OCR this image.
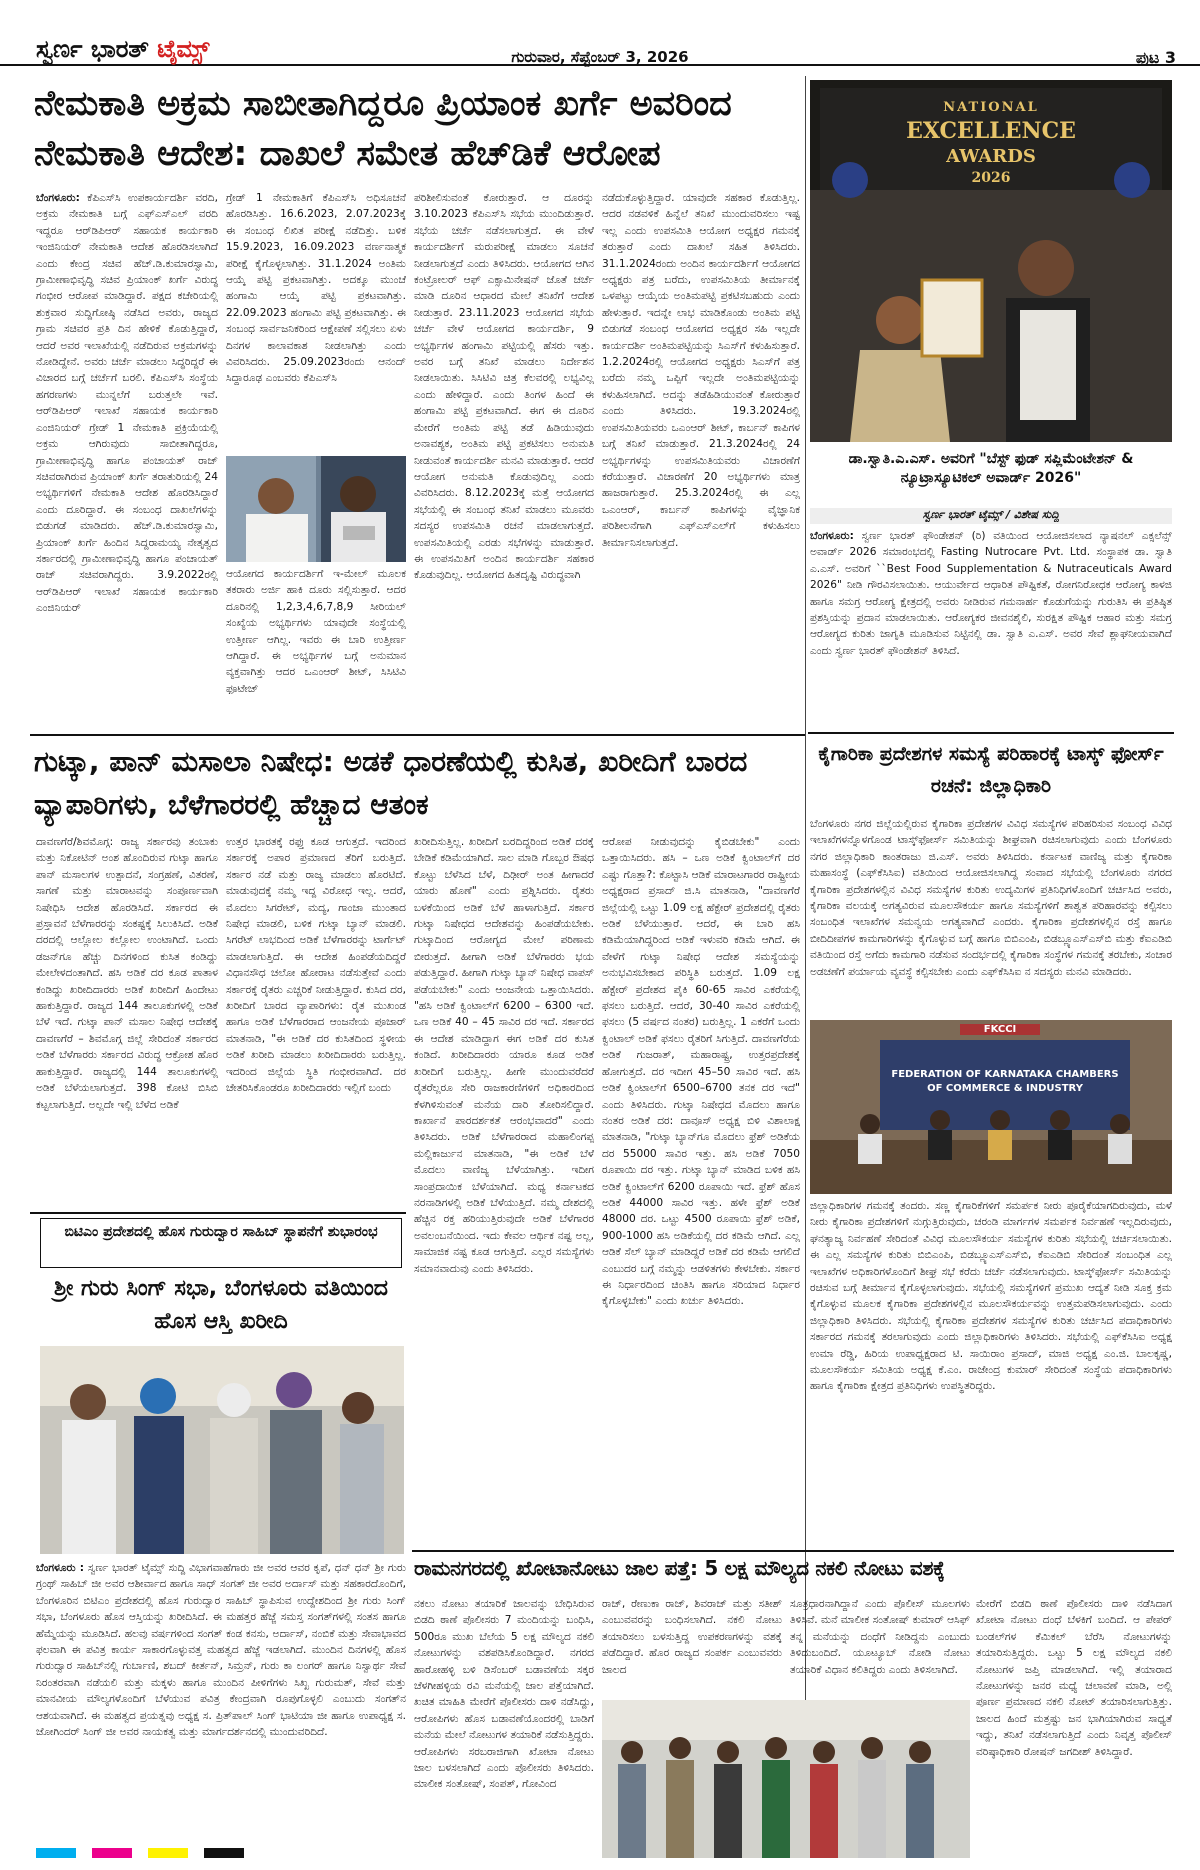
ಸ್ವರ್ಣ ಭಾರತ್ ಟೈಮ್ಸ್	ಗುರುವಾರ, ಸೆಪ್ಟೆಂಬರ್ 3, 2026	ಪುಟ 3
ನೇಮಕಾತಿ ಅಕ್ರಮ ಸಾಬೀತಾಗಿದ್ದರೂ ಪ್ರಿಯಾಂಕ ಖರ್ಗೆ ಅವರಿಂದ ನೇಮಕಾತಿ ಆದೇಶ: ದಾಖಲೆ ಸಮೇತ ಹೆಚ್‌ಡಿಕೆ ಆರೋಪ
ಬೆಂಗಳೂರು: ಕೆಪಿಎಸ್‌ಸಿ ಉಪಕಾರ್ಯದರ್ಶಿ ವರದಿ, ಅಕ್ರಮ ನೇಮಕಾತಿ ಬಗ್ಗೆ ಎಫ್‌ಎಸ್‌ಎಲ್ ವರದಿ ಇದ್ದರೂ ಆರ್‌ಡಿಪಿಆರ್ ಸಹಾಯಕ ಕಾರ್ಯಕಾರಿ ಇಂಜಿನಿಯರ್ ನೇಮಕಾತಿ ಆದೇಶ ಹೊರಡಿಸಲಾಗಿದೆ ಎಂದು ಕೇಂದ್ರ ಸಚಿವ ಹೆಚ್.ಡಿ.ಕುಮಾರಸ್ವಾಮಿ, ಗ್ರಾಮೀಣಾಭಿವೃದ್ಧಿ ಸಚಿವ ಪ್ರಿಯಾಂಕ್ ಖರ್ಗೆ ವಿರುದ್ಧ ಗಂಭೀರ ಆರೋಪ ಮಾಡಿದ್ದಾರೆ. ಪಕ್ಷದ ಕಚೇರಿಯಲ್ಲಿ ಶುಕ್ರವಾರ ಸುದ್ದಿಗೋಷ್ಠಿ ನಡೆಸಿದ ಅವರು, ರಾಜ್ಯದ ಗ್ರಾಮ ಸಚಿವರ ಪ್ರತಿ ದಿನ ಹೇಳಿಕೆ ಕೊಡುತ್ತಿದ್ದಾರೆ, ಆದರೆ ಅವರ ಇಲಾಖೆಯಲ್ಲಿ ನಡೆದಿರುವ ಅಕ್ರಮಗಳನ್ನು ನೋಡಿದ್ದೇನೆ. ಅವರು ಚರ್ಚೆ ಮಾಡಲು ಸಿದ್ಧರಿದ್ದರೆ ಈ ವಿಚಾರದ ಬಗ್ಗೆ ಚರ್ಚೆಗೆ ಬರಲಿ. ಕೆಪಿಎಸ್‌ಸಿ ಸಂಸ್ಥೆಯ ಹಗರಣಗಳು ಮುನ್ನಲೆಗೆ ಬರುತ್ತಲೇ ಇವೆ. ಆರ್‌ಡಿಪಿಆರ್ ಇಲಾಖೆ ಸಹಾಯಕ ಕಾರ್ಯಕಾರಿ ಎಂಜಿನಿಯರ್ ಗ್ರೇಡ್ 1 ನೇಮಕಾತಿ ಪ್ರಕ್ರಿಯೆಯಲ್ಲಿ ಅಕ್ರಮ ಆಗಿರುವುದು ಸಾಬೀತಾಗಿದ್ದರೂ, ಗ್ರಾಮೀಣಾಭಿವೃದ್ಧಿ ಹಾಗೂ ಪಂಚಾಯತ್ ರಾಜ್ ಸಚಿವರಾಗಿರುವ ಪ್ರಿಯಾಂಕ್ ಖರ್ಗೆ ತರಾತುರಿಯಲ್ಲಿ 24 ಅಭ್ಯರ್ಥಿಗಳಿಗೆ ನೇಮಕಾತಿ ಆದೇಶ ಹೊರಡಿಸಿದ್ದಾರೆ ಎಂದು ದೂರಿದ್ದಾರೆ. ಈ ಸಂಬಂಧ ದಾಖಲೆಗಳನ್ನು ಬಿಡುಗಡೆ ಮಾಡಿದರು. ಹೆಚ್.ಡಿ.ಕುಮಾರಸ್ವಾಮಿ, ಪ್ರಿಯಾಂಕ್ ಖರ್ಗೆ ಹಿಂದಿನ ಸಿದ್ದರಾಮಯ್ಯ ನೇತೃತ್ವದ ಸರ್ಕಾರದಲ್ಲಿ ಗ್ರಾಮೀಣಾಭಿವೃದ್ಧಿ ಹಾಗೂ ಪಂಚಾಯತ್ ರಾಜ್ ಸಚಿವರಾಗಿದ್ದರು. 3.9.2022ರಲ್ಲಿ ಆರ್‌ಡಿಪಿಆರ್ ಇಲಾಖೆ ಸಹಾಯಕ ಕಾರ್ಯಕಾರಿ ಎಂಜಿನಿಯರ್
ಗ್ರೇಡ್ 1 ನೇಮಕಾತಿಗೆ ಕೆಪಿಎಸ್‌ಸಿ ಅಧಿಸೂಚನೆ ಹೊರಡಿಸಿತ್ತು. 16.6.2023, 2.07.2023ಕ್ಕೆ ಈ ಸಂಬಂಧ ಲಿಖಿತ ಪರೀಕ್ಷೆ ನಡೆದಿತ್ತು. ಬಳಿಕ 15.9.2023, 16.09.2023 ವರ್ಣನಾತ್ಮಕ ಪರೀಕ್ಷೆ ಕೈಗೊಳ್ಳಲಾಗಿತ್ತು. 31.1.2024 ಅಂತಿಮ ಆಯ್ಕೆ ಪಟ್ಟಿ ಪ್ರಕಟವಾಗಿತ್ತು. ಅದಕ್ಕೂ ಮುಂಚೆ ಹಂಗಾಮಿ ಆಯ್ಕೆ ಪಟ್ಟಿ ಪ್ರಕಟವಾಗಿತ್ತು. 22.09.2023 ಹಂಗಾಮಿ ಪಟ್ಟಿ ಪ್ರಕಟವಾಗಿತ್ತು. ಈ ಸಂಬಂಧ ಸಾರ್ವಜನಿಕರಿಂದ ಆಕ್ಷೇಪಣೆ ಸಲ್ಲಿಸಲು ಏಳು ದಿನಗಳ ಕಾಲಾವಕಾಶ ನೀಡಲಾಗಿತ್ತು ಎಂದು ವಿವರಿಸಿದರು. 25.09.2023ರಂದು ಆನಂದ್ ಸಿದ್ದಾರೂಢ ಎಂಬವರು ಕೆಪಿಎಸ್‌ಸಿ
ಆಯೋಗದ ಕಾರ್ಯದರ್ಶಿಗೆ ಇ-ಮೇಲ್ ಮೂಲಕ ತಕರಾರು ಅರ್ಜಿ ಹಾಕಿ ದೂರು ಸಲ್ಲಿಸುತ್ತಾರೆ. ಆದರ ದೂರಿನಲ್ಲಿ 1,2,3,4,6,7,8,9 ಸೀರಿಯಲ್ ಸಂಖ್ಯೆಯ ಅಭ್ಯರ್ಥಿಗಳು ಯಾವುದೇ ಸಂಸ್ಥೆಯಲ್ಲಿ ಉತ್ತೀರ್ಣ ಆಗಿಲ್ಲ. ಇವರು ಈ ಬಾರಿ ಉತ್ತೀರ್ಣ ಆಗಿದ್ದಾರೆ. ಈ ಅಭ್ಯರ್ಥಿಗಳ ಬಗ್ಗೆ ಅನುಮಾನ ವ್ಯಕ್ತವಾಗಿತ್ತು ಆದರ ಒಎಂಆರ್ ಶೀಟ್, ಸಿಸಿಟಿವಿ ಫೂಟೇಜ್
ಪರಿಶೀಲಿಸುವಂತೆ ಕೋರುತ್ತಾರೆ. ಆ ದೂರನ್ನು 3.10.2023 ಕೆಪಿಎಸ್‌ಸಿ ಸಭೆಯ ಮುಂದಿಡುತ್ತಾರೆ. ಸಭೆಯ ಚರ್ಚೆ ನಡೆಸಲಾಗುತ್ತದೆ. ಈ ವೇಳೆ ಕಾರ್ಯದರ್ಶಿಗೆ ಮರುಪರೀಕ್ಷೆ ಮಾಡಲು ಸೂಚನೆ ನೀಡಲಾಗುತ್ತದೆ ಎಂದು ತಿಳಿಸಿದರು. ಆಯೋಗದ ಆಗಿನ ಕಂಟ್ರೋಲರ್ ಆಫ್ ಎಕ್ಸಾಮಿನೇಷನ್ ಜೊತೆ ಚರ್ಚೆ ಮಾಡಿ ದೂರಿನ ಆಧಾರದ ಮೇಲೆ ತನಿಖೆಗೆ ಆದೇಶ ನೀಡುತ್ತಾರೆ. 23.11.2023 ಆಯೋಗದ ಸಭೆಯ ಚರ್ಚೆ ವೇಳೆ ಆಯೋಗದ ಕಾರ್ಯದರ್ಶಿ, 9 ಅಭ್ಯರ್ಥಿಗಳ ಹಂಗಾಮಿ ಪಟ್ಟಿಯಲ್ಲಿ ಹೆಸರು ಇತ್ತು. ಅವರ ಬಗ್ಗೆ ತನಿಖೆ ಮಾಡಲು ನಿರ್ದೇಶನ ನೀಡಲಾಯಿತು. ಸಿಸಿಟಿವಿ ಚಿತ್ರ ಕೆಲವರಲ್ಲಿ ಲಭ್ಯವಿಲ್ಲ ಎಂದು ಹೇಳಿದ್ದಾರೆ. ಎಂದು ತಿಂಗಳ ಹಿಂದೆ ಈ ಹಂಗಾಮಿ ಪಟ್ಟಿ ಪ್ರಕಟವಾಗಿದೆ. ಈಗ ಈ ದೂರಿನ ಮೇರೆಗೆ ಅಂತಿಮ ಪಟ್ಟಿ ತಡೆ ಹಿಡಿಯುವುದು ಅನಾವಶ್ಯಕ, ಅಂತಿಮ ಪಟ್ಟಿ ಪ್ರಕಟಿಸಲು ಅನುಮತಿ ನೀಡುವಂತೆ ಕಾರ್ಯದರ್ಶಿ ಮನವಿ ಮಾಡುತ್ತಾರೆ. ಆದರೆ ಆಯೋಗ ಅನುಮತಿ ಕೊಡುವುದಿಲ್ಲ ಎಂದು ವಿವರಿಸಿದರು. 8.12.2023ಕ್ಕೆ ಮತ್ತೆ ಆಯೋಗದ ಸಭೆಯಲ್ಲಿ ಈ ಸಂಬಂಧ ತನಿಖೆ ಮಾಡಲು ಮೂವರು ಸದಸ್ಯರ ಉಪಸಮಿತಿ ರಚನೆ ಮಾಡಲಾಗುತ್ತದೆ. ಉಪಸಮಿತಿಯಲ್ಲಿ ಎರಡು ಸಭೆಗಳನ್ನು ಮಾಡುತ್ತಾರೆ. ಈ ಉಪಸಮಿತಿಗೆ ಅಂದಿನ ಕಾರ್ಯದರ್ಶಿ ಸಹಕಾರ ಕೊಡುವುದಿಲ್ಲ. ಆಯೋಗದ ಹಿತದೃಷ್ಟಿ ವಿರುದ್ಧವಾಗಿ
ನಡೆದುಕೊಳ್ಳುತ್ತಿದ್ದಾರೆ. ಯಾವುದೇ ಸಹಕಾರ ಕೊಡುತ್ತಿಲ್ಲ. ಆದರ ನಡವಳಿಕೆ ಹಿನ್ನೆಲೆ ತನಿಖೆ ಮುಂದುವರಿಸಲು ಇಷ್ಟ ಇಲ್ಲ ಎಂದು ಉಪಸಮಿತಿ ಆಯೋಗ ಅಧ್ಯಕ್ಷರ ಗಮನಕ್ಕೆ ತರುತ್ತಾರೆ ಎಂದು ದಾಖಲೆ ಸಹಿತ ತಿಳಿಸಿದರು. 31.1.2024ರಂದು ಅಂದಿನ ಕಾರ್ಯದರ್ಶಿಗೆ ಆಯೋಗದ ಅಧ್ಯಕ್ಷರು ಪತ್ರ ಬರೆದು, ಉಪಸಮಿತಿಯ ತೀರ್ಮಾನಕ್ಕೆ ಒಳಪಟ್ಟು ಆಯ್ಕೆಯ ಅಂತಿಮಪಟ್ಟಿ ಪ್ರಕಟಿಸಬಹುದು ಎಂದು ಹೇಳುತ್ತಾರೆ. ಇದನ್ನೇ ಲಾಭ ಮಾಡಿಕೊಂಡು ಅಂತಿಮ ಪಟ್ಟಿ ಬಿಡುಗಡೆ ಸಂಬಂಧ ಆಯೋಗದ ಅಧ್ಯಕ್ಷರ ಸಹಿ ಇಲ್ಲದೇ ಕಾರ್ಯದರ್ಶಿ ಅಂತಿಮಪಟ್ಟಿಯನ್ನು ಸಿಎಸ್‌ಗೆ ಕಳುಹಿಸುತ್ತಾರೆ. 1.2.2024ರಲ್ಲಿ ಆಯೋಗದ ಅಧ್ಯಕ್ಷರು ಸಿಎಸ್‌ಗೆ ಪತ್ರ ಬರೆದು ನಮ್ಮ ಒಪ್ಪಿಗೆ ಇಲ್ಲದೇ ಅಂತಿಮಪಟ್ಟಿಯನ್ನು ಕಳುಹಿಸಲಾಗಿದೆ. ಅದನ್ನು ತಡೆಹಿಡಿಯುವಂತೆ ಕೋರುತ್ತಾರೆ ಎಂದು ತಿಳಿಸಿದರು. 19.3.2024ರಲ್ಲಿ ಉಪಸಮಿತಿಯವರು ಒಎಂಆರ್ ಶೀಟ್, ಕಾರ್ಬನ್ ಕಾಪಿಗಳ ಬಗ್ಗೆ ತನಿಖೆ ಮಾಡುತ್ತಾರೆ. 21.3.2024ರಲ್ಲಿ 24 ಅಭ್ಯರ್ಥಿಗಳನ್ನು ಉಪಸಮಿತಿಯವರು ವಿಚಾರಣೆಗೆ ಕರೆಯುತ್ತಾರೆ. ವಿಚಾರಣೆಗೆ 20 ಅಭ್ಯರ್ಥಿಗಳು ಮಾತ್ರ ಹಾಜರಾಗುತ್ತಾರೆ. 25.3.2024ರಲ್ಲಿ ಈ ಎಲ್ಲ ಒಎಂಆರ್, ಕಾರ್ಬನ್ ಕಾಪಿಗಳನ್ನು ವೈಜ್ಞಾನಿಕ ಪರಿಶೀಲನೆಗಾಗಿ ಎಫ್‌ಎಸ್‌ಎಲ್‌ಗೆ ಕಳುಹಿಸಲು ತೀರ್ಮಾನಿಸಲಾಗುತ್ತದೆ.
NATIONAL
EXCELLENCE
AWARDS
2026
ಡಾ.ಸ್ವಾತಿ.ಎ.ಎಸ್. ಅವರಿಗೆ "ಬೆಸ್ಟ್ ಫುಡ್ ಸಪ್ಲಿಮೆಂಟೇಶನ್ & ನ್ಯೂಟ್ರಾಸ್ಯೂಟಿಕಲ್ ಅವಾರ್ಡ್ 2026"
ಸ್ವರ್ಣ ಭಾರತ್ ಟೈಮ್ಸ್ / ವಿಶೇಷ ಸುದ್ದಿ
ಬೆಂಗಳೂರು: ಸ್ವರ್ಣ ಭಾರತ್ ಫೌಂಡೇಶನ್ (ರಿ) ವತಿಯಿಂದ ಆಯೋಜಿಸಲಾದ ನ್ಯಾಷನಲ್ ಎಕ್ಸಲೆನ್ಸ್ ಅವಾರ್ಡ್ 2026 ಸಮಾರಂಭದಲ್ಲಿ Fasting Nutrocare Pvt. Ltd. ಸಂಸ್ಥಾಪಕ ಡಾ. ಸ್ವಾತಿ ಎ.ಎಸ್. ಅವರಿಗೆ ``Best Food Supplementation & Nutraceuticals Award 2026" ನೀಡಿ ಗೌರವಿಸಲಾಯಿತು. ಆಯುರ್ವೇದ ಆಧಾರಿತ ಪೌಷ್ಟಿಕತೆ, ರೋಗನಿರೋಧಕ ಆರೋಗ್ಯ ಕಾಳಜಿ ಹಾಗೂ ಸಮಗ್ರ ಆರೋಗ್ಯ ಕ್ಷೇತ್ರದಲ್ಲಿ ಅವರು ನೀಡಿರುವ ಗಮನಾರ್ಹ ಕೊಡುಗೆಯನ್ನು ಗುರುತಿಸಿ ಈ ಪ್ರತಿಷ್ಠಿತ ಪ್ರಶಸ್ತಿಯನ್ನು ಪ್ರದಾನ ಮಾಡಲಾಯಿತು. ಆರೋಗ್ಯಕರ ಜೀವನಶೈಲಿ, ಸುರಕ್ಷಿತ ಪೌಷ್ಟಿಕ ಆಹಾರ ಮತ್ತು ಸಮಗ್ರ ಆರೋಗ್ಯದ ಕುರಿತು ಜಾಗೃತಿ ಮೂಡಿಸುವ ನಿಟ್ಟಿನಲ್ಲಿ ಡಾ. ಸ್ವಾತಿ ಎ.ಎಸ್. ಅವರ ಸೇವೆ ಶ್ಲಾಘನೀಯವಾಗಿದೆ ಎಂದು ಸ್ವರ್ಣ ಭಾರತ್ ಫೌಂಡೇಶನ್ ತಿಳಿಸಿದೆ.
ಗುಟ್ಕಾ, ಪಾನ್ ಮಸಾಲಾ ನಿಷೇಧ: ಅಡಕೆ ಧಾರಣೆಯಲ್ಲಿ ಕುಸಿತ, ಖರೀದಿಗೆ ಬಾರದ ವ್ಯಾಪಾರಿಗಳು, ಬೆಳೆಗಾರರಲ್ಲಿ ಹೆಚ್ಚಾದ ಆತಂಕ
ದಾವಣಗೆರೆ/ಶಿವಮೊಗ್ಗ: ರಾಜ್ಯ ಸರ್ಕಾರವು ತಂಬಾಕು ಮತ್ತು ನಿಕೋಟಿನ್ ಅಂಶ ಹೊಂದಿರುವ ಗುಟ್ಕಾ ಹಾಗೂ ಪಾನ್ ಮಸಾಲಗಳ ಉತ್ಪಾದನೆ, ಸಂಗ್ರಹಣೆ, ವಿತರಣೆ, ಸಾಗಣೆ ಮತ್ತು ಮಾರಾಟವನ್ನು ಸಂಪೂರ್ಣವಾಗಿ ನಿಷೇಧಿಸಿ ಆದೇಶ ಹೊರಡಿಸಿದೆ. ಸರ್ಕಾರದ ಈ ಪ್ರಸ್ತಾವನೆ ಬೆಳೆಗಾರರನ್ನು ಸಂಕಷ್ಟಕ್ಕೆ ಸಿಲುಕಿಸಿದೆ. ಅಡಿಕೆ ದರದಲ್ಲಿ ಆಲ್ಲೋಲ ಕಲ್ಲೋಲ ಉಂಟಾಗಿದೆ. ಒಂದು ಡಜನ್‌ಗೂ ಹೆಚ್ಚು ದಿನಗಳಿಂದ ಕುಸಿತ ಕಂಡಿದ್ದು ಮೇಲೇಳದಂತಾಗಿದೆ. ಹಸಿ ಅಡಿಕೆ ದರ ಕೂಡ ಪಾತಾಳ ಕಂಡಿದ್ದು ಖರೀದಿದಾರರು ಅಡಿಕೆ ಖರೀದಿಗೆ ಹಿಂದೇಟು ಹಾಕುತ್ತಿದ್ದಾರೆ. ರಾಜ್ಯದ 144 ತಾಲೂಕುಗಳಲ್ಲಿ ಅಡಿಕೆ ಬೆಳೆ ಇದೆ. ಗುಟ್ಕಾ ಪಾನ್ ಮಸಾಲ ನಿಷೇಧ ಆದೇಶಕ್ಕೆ ದಾವಣಗೆರೆ – ಶಿವಮೊಗ್ಗ ಜಿಲ್ಲೆ ಸೇರಿದಂತೆ ಸರ್ಕಾರದ ಅಡಿಕೆ ಬೆಳೆಗಾರರು ಸರ್ಕಾರದ ವಿರುದ್ಧ ಆಕ್ರೋಶ ಹೊರ ಹಾಕುತ್ತಿದ್ದಾರೆ. ರಾಜ್ಯದಲ್ಲಿ 144 ತಾಲೂಕುಗಳಲ್ಲಿ ಅಡಿಕೆ ಬೆಳೆಯಲಾಗುತ್ತದೆ. 398 ಕೋಟಿ ಬಿಸಿಬಿ ಕಟ್ಟಲಾಗುತ್ತಿದೆ. ಅಲ್ಲದೇ ಇಲ್ಲಿ ಬೆಳೆದ ಅಡಿಕೆ
ಉತ್ತರ ಭಾರತಕ್ಕೆ ರಫ್ತು ಕೂಡ ಆಗುತ್ತದೆ. ಇದರಿಂದ ಸರ್ಕಾರಕ್ಕೆ ಅಪಾರ ಪ್ರಮಾಣದ ತೆರಿಗೆ ಬರುತ್ತಿದೆ. ಸರ್ಕಾರ ನಡೆ ಮತ್ತು ರಾಜ್ಯ ಮಾಡಲು ಹೊರಟಿದೆ. ಮಾಡುವುದಕ್ಕೆ ನಮ್ಮ ಇದ್ದ ವಿರೋಧ ಇಲ್ಲ. ಆದರೆ, ಮೊದಲು ಸಿಗರೇಟ್, ಮದ್ಯ, ಗಾಂಜಾ ಮುಂತಾದ ನಿಷೇಧ ಮಾಡಲಿ, ಬಳಿಕ ಗುಟ್ಕಾ ಬ್ಯಾನ್ ಮಾಡಲಿ. ಸಿಗರೆಟ್ ಲಾಭದಿಂದ ಅಡಿಕೆ ಬೆಳೆಗಾರರನ್ನು ಟಾರ್ಗೆಟ್ ಮಾಡಲಾಗುತ್ತಿದೆ. ಈ ಆದೇಶ ಹಿಂಪಡೆಯದಿದ್ದರೆ ವಿಧಾನಸೌಧ ಚಲೋ ಹೋರಾಟ ನಡೆಸುತ್ತೇವೆ ಎಂದು ಸರ್ಕಾರಕ್ಕೆ ರೈತರು ಎಚ್ಚರಿಕೆ ನೀಡುತ್ತಿದ್ದಾರೆ. ಕುಸಿದ ದರ, ಖರೀದಿಗೆ ಬಾರದ ವ್ಯಾಪಾರಿಗಳು: ರೈತ ಮುಖಂಡ ಹಾಗೂ ಅಡಿಕೆ ಬೆಳೆಗಾರರಾದ ಆಂಜನೇಯ ಪೂಜಾರ್ ಮಾತನಾಡಿ, "ಈ ಅಡಿಕೆ ದರ ಕುಸಿತದಿಂದ ಸ್ಥಳೀಯ ಅಡಿಕೆ ಖರೀದಿ ಮಾಡಲು ಖರೀದಿದಾರರು ಬರುತ್ತಿಲ್ಲ. ಇದರಿಂದ ಜಿಲ್ಲೆಯ ಸ್ಥಿತಿ ಗಂಭೀರವಾಗಿದೆ. ದರ ಚೇತರಿಸಿಕೊಂಡರೂ ಖರೀದಿದಾರರು ಇಲ್ಲಿಗೆ ಬಂದು
ಖರೀದಿಸುತ್ತಿಲ್ಲ. ಖರೀದಿಗೆ ಬರದಿದ್ದರಿಂದ ಅಡಿಕೆ ದರಕ್ಕೆ ಬೇಡಿಕೆ ಕಡಿಮೆಯಾಗಿದೆ. ಸಾಲ ಮಾಡಿ ಗೊಬ್ಬರ ಔಷಧ ಕೊಟ್ಟು ಬೆಳೆಸಿದ ಬೆಳೆ, ದಿಢೀರ್ ಅಂತ ಹೀಗಾದರೆ ಯಾರು ಹೊಣೆ" ಎಂದು ಪ್ರಶ್ನಿಸಿದರು. ರೈತರು ಬಳಕೆಯಿಂದ ಅಡಿಕೆ ಬೆಳೆ ಹಾಳಾಗುತ್ತಿದೆ. ಸರ್ಕಾರ ಗುಟ್ಕಾ ನಿಷೇಧದ ಆದೇಶವನ್ನು ಹಿಂಪಡೆಯಬೇಕು. ಗುಟ್ಕಾದಿಂದ ಆರೋಗ್ಯದ ಮೇಲೆ ಪರಿಣಾಮ ಬೀರುತ್ತದೆ. ಹೀಗಾಗಿ ಅಡಿಕೆ ಬೆಳೆಗಾರರು ಭಯ ಪಡುತ್ತಿದ್ದಾರೆ. ಹೀಗಾಗಿ ಗುಟ್ಕಾ ಬ್ಯಾನ್ ನಿಷೇಧ ವಾಪಸ್ ಪಡೆಯಬೇಕು" ಎಂದು ಆಂಜನೇಯ ಒತ್ತಾಯಿಸಿದರು. "ಹಸಿ ಅಡಿಕೆ ಕ್ವಿಂಟಾಲ್‌ಗೆ 6200 – 6300 ಇದೆ. ಒಣ ಅಡಿಕೆ 40 – 45 ಸಾವಿರ ದರ ಇದೆ. ಸರ್ಕಾರದ ಈ ಆದೇಶ ಮಾಡಿದ್ದಾಗ ಈಗ ಅಡಿಕೆ ದರ ಕುಸಿತ ಕಂಡಿದೆ. ಖರೀದಿದಾರರು ಯಾರೂ ಕೂಡ ಅಡಿಕೆ ಖರೀದಿಗೆ ಬರುತ್ತಿಲ್ಲ. ಹೀಗೇ ಮುಂದುವರೆದರೆ ರೈತರೆಲ್ಲರೂ ಸೇರಿ ರಾಜಕಾರಣಿಗಳಿಗೆ ಅಧಿಕಾರದಿಂದ ಕೆಳಗಿಳಿಸುವಂತೆ ಮನೆಯ ದಾರಿ ತೋರಿಸಲಿದ್ದಾರೆ. ಕಾರ್ಖಾನೆ ಪಾರದರ್ಶಕತೆ ಆರಂಭವಾದರೆ" ಎಂದು ತಿಳಿಸಿದರು. ಅಡಿಕೆ ಬೆಳೆಗಾರರಾದ ಮಹಾಲಿಂಗಪ್ಪ ಮಲ್ಲಿಕಾರ್ಜುನ ಮಾತನಾಡಿ, "ಈ ಅಡಿಕೆ ಬೆಳೆ ಮೊದಲು ವಾಣಿಜ್ಯ ಬೆಳೆಯಾಗಿತ್ತು. ಇದೀಗ ಸಾಂಪ್ರದಾಯಿಕ ಬೆಳೆಯಾಗಿದೆ. ಮಧ್ಯ ಕರ್ನಾಟಕದ ನರನಾಡಿಗಳಲ್ಲಿ ಅಡಿಕೆ ಬೆಳೆಯುತ್ತಿದೆ. ನಮ್ಮ ದೇಶದಲ್ಲಿ ಹೆಚ್ಚಿನ ರಕ್ತ ಹರಿಯುತ್ತಿರುವುದೇ ಅಡಿಕೆ ಬೆಳೆಗಾರರ ಅವಲಂಬನೆಯಿಂದ. ಇದು ಕೇವಲ ಆರ್ಥಿಕ ನಷ್ಟ ಅಲ್ಲ, ಸಾಮಾಜಿಕ ನಷ್ಟ ಕೂಡ ಆಗುತ್ತಿದೆ. ಎಲ್ಲರ ಸಮಸ್ಯೆಗಳು ಸಮಾನವಾದುವು ಎಂದು ತಿಳಿಸಿದರು.
ಆರೋಪ ನೀಡುವುದನ್ನು ಕೈಬಿಡಬೇಕು" ಎಂದು ಒತ್ತಾಯಿಸಿದರು. ಹಸಿ – ಒಣ ಅಡಿಕೆ ಕ್ವಿಂಟಾಲ್‌ಗೆ ದರ ಎಷ್ಟು ಗೊತ್ತಾ?: ಕೊಟ್ಟಾಸಿ ಆಡಿಕೆ ಮಾರಾಟಗಾರರ ರಾಷ್ಟ್ರೀಯ ಅಧ್ಯಕ್ಷರಾದ ಪ್ರಸಾದ್ ಜಿ.ಸಿ ಮಾತನಾಡಿ, "ದಾವಣಗೆರೆ ಜಿಲ್ಲೆಯಲ್ಲಿ ಒಟ್ಟು 1.09 ಲಕ್ಷ ಹೆಕ್ಟೇರ್ ಪ್ರದೇಶದಲ್ಲಿ ರೈತರು ಅಡಿಕೆ ಬೆಳೆಯುತ್ತಾರೆ. ಆದರೆ, ಈ ಬಾರಿ ಹಸಿ ಕಡಿಮೆಯಾಗಿದ್ದರಿಂದ ಅಡಿಕೆ ಇಳುವರಿ ಕಡಿಮೆ ಆಗಿದೆ. ಈ ವೇಳೆಗೆ ಗುಟ್ಕಾ ನಿಷೇಧ ಆದೇಶ ಸಮಸ್ಯೆಯನ್ನು ಅನುಭವಿಸಬೇಕಾದ ಪರಿಸ್ಥಿತಿ ಬರುತ್ತದೆ. 1.09 ಲಕ್ಷ ಹೆಕ್ಟೇರ್ ಪ್ರದೇಶದ ಪೈಕಿ 60-65 ಸಾವಿರ ಎಕರೆಯಲ್ಲಿ ಫಸಲು ಬರುತ್ತಿದೆ. ಆದರೆ, 30-40 ಸಾವಿರ ಎಕರೆಯಲ್ಲಿ ಫಸಲು (5 ವರ್ಷದ ನಂತರ) ಬರುತ್ತಿಲ್ಲ. 1 ಎಕರೆಗೆ ಒಂದು ಕ್ವಿಂಟಾಲ್ ಅಡಿಕೆ ಫಸಲು ರೈತರಿಗೆ ಸಿಗುತ್ತಿದೆ. ದಾವಣಗೆರೆಯ ಅಡಿಕೆ ಗುಜರಾತ್, ಮಹಾರಾಷ್ಟ್ರ, ಉತ್ತರಪ್ರದೇಶಕ್ಕೆ ಹೋಗುತ್ತದೆ. ದರ ಇದೀಗ 45–50 ಸಾವಿರ ಇದೆ. ಹಸಿ ಅಡಿಕೆ ಕ್ವಿಂಟಾಲ್‌ಗೆ 6500–6700 ತನಕ ದರ ಇದೆ" ಎಂದು ತಿಳಿಸಿದರು. ಗುಟ್ಕಾ ನಿಷೇಧದ ಮೊದಲು ಹಾಗೂ ನಂತರ ಅಡಿಕೆ ದರ: ದಾವೂಸ್ ಅಧ್ಯಕ್ಷ ಬಿಳಿ ವಿಶಾಲಾಕ್ಷ ಮಾತನಾಡಿ, "ಗುಟ್ಕಾ ಬ್ಯಾನ್‌ಗೂ ಮೊದಲು ಫ್ರೆಶ್ ಅಡಿಕೆಯ ದರ 55000 ಸಾವಿರ ಇತ್ತು. ಹಸಿ ಅಡಿಕೆ 7050 ರೂಪಾಯಿ ದರ ಇತ್ತು. ಗುಟ್ಕಾ ಬ್ಯಾನ್ ಮಾಡಿದ ಬಳಿಕ ಹಸಿ ಅಡಿಕೆ ಕ್ವಿಂಟಾಲ್‌ಗೆ 6200 ರೂಪಾಯಿ ಇದೆ. ಫ್ರೆಶ್ ಹೊಸ ಅಡಿಕೆ 44000 ಸಾವಿರ ಇತ್ತು. ಹಳೇ ಫ್ರೆಶ್ ಅಡಿಕೆ 48000 ದರ. ಒಟ್ಟು 4500 ರೂಪಾಯಿ ಫ್ರೆಶ್ ಅಡಿಕೆ, 900-1000 ಹಸಿ ಅಡಿಕೆಯಲ್ಲಿ ದರ ಕಡಿಮೆ ಆಗಿದೆ. ಎಲ್ಲ ಆಡಿಕೆ ಸೆಲ್ ಬ್ಯಾನ್ ಮಾಡಿದ್ದರೆ ಅಡಿಕೆ ದರ ಕಡಿಮೆ ಆಗಲಿದೆ ಎಂಬುದರ ಬಗ್ಗೆ ನಮ್ಮನ್ನು ಆಡಳಿತಗಳು ಕೇಳಬೇಕು. ಸರ್ಕಾರ ಈ ನಿರ್ಧಾರದಿಂದ ಚಿಂತಿಸಿ ಹಾಗೂ ಸರಿಯಾದ ನಿರ್ಧಾರ ಕೈಗೊಳ್ಳಬೇಕು" ಎಂದು ಖರ್ಚು ತಿಳಿಸಿದರು.
ಬಿಟಿಎಂ ಪ್ರದೇಶದಲ್ಲಿ ಹೊಸ ಗುರುದ್ವಾರ ಸಾಹಿಬ್ ಸ್ಥಾಪನೆಗೆ ಶುಭಾರಂಭ
ಶ್ರೀ ಗುರು ಸಿಂಗ್ ಸಭಾ, ಬೆಂಗಳೂರು ವತಿಯಿಂದ ಹೊಸ ಆಸ್ತಿ ಖರೀದಿ
ಬೆಂಗಳೂರು : ಸ್ವರ್ಣ ಭಾರತ್ ಟೈಮ್ಸ್ ಸುದ್ದಿ ವಿಭಾಗವಾಹೆಗಾರು ಜೀ ಅವರ ಆವರ ಕೃಪೆ, ಧನ್ ಧನ್ ಶ್ರೀ ಗುರು ಗ್ರಂಥ್ ಸಾಹಿಬ್ ಜೀ ಅವರ ಆಶೀರ್ವಾದ ಹಾಗೂ ಸಾಧ್ ಸಂಗತ್ ಜೀ ಅವರ ಅರ್ದಾಸ್ ಮತ್ತು ಸಹಕಾರದೊಂದಿಗೆ, ಬೆಂಗಳೂರಿನ ಬಿಟಿಎಂ ಪ್ರದೇಶದಲ್ಲಿ ಹೊಸ ಗುರುದ್ವಾರ ಸಾಹಿಬ್ ಸ್ಥಾಪಿಸುವ ಉದ್ದೇಶದಿಂದ ಶ್ರೀ ಗುರು ಸಿಂಗ್ ಸಭಾ, ಬೆಂಗಳೂರು ಹೊಸ ಆಸ್ತಿಯನ್ನು ಖರೀದಿಸಿದೆ. ಈ ಮಹತ್ತರ ಹೆಜ್ಜೆ ಸಮಸ್ತ ಸಂಗತ್‌ಗಳಲ್ಲಿ ಸಂತಸ ಹಾಗೂ ಹೆಮ್ಮೆಯನ್ನು ಮೂಡಿಸಿದೆ. ಹಲವು ವರ್ಷಗಳಿಂದ ಸಂಗತ್ ಕಂಡ ಕನಸು, ಅರ್ದಾಸ್, ನಂಬಿಕೆ ಮತ್ತು ಸೇವಾಭಾವದ ಫಲವಾಗಿ ಈ ಪವಿತ್ರ ಕಾರ್ಯ ಸಾಕಾರಗೊಳ್ಳುವತ್ತ ಮಹತ್ವದ ಹೆಜ್ಜೆ ಇಡಲಾಗಿದೆ. ಮುಂದಿನ ದಿನಗಳಲ್ಲಿ ಹೊಸ ಗುರುದ್ವಾರ ಸಾಹಿಬ್‌ನಲ್ಲಿ ಗುರ್ಬಾಣಿ, ಶಬದ್ ಕೀರ್ತನ್, ಸಿಮ್ರನ್, ಗುರು ಕಾ ಲಂಗರ್ ಹಾಗೂ ನಿಸ್ವಾರ್ಥ ಸೇವೆ ನಿರಂತರವಾಗಿ ನಡೆಯಲಿ ಮತ್ತು ಮಕ್ಕಳು ಹಾಗೂ ಮುಂದಿನ ಪೀಳಿಗೆಗಳು ಸಿಖ್ಖ ಗುರುಮತ್, ಸೇವೆ ಮತ್ತು ಮಾನವೀಯ ಮೌಲ್ಯಗಳೊಂದಿಗೆ ಬೆಳೆಯುವ ಪವಿತ್ರ ಕೇಂದ್ರವಾಗಿ ರೂಪುಗೊಳ್ಳಲಿ ಎಂಬುದು ಸಂಗತ್‌ನ ಆಶಯವಾಗಿದೆ. ಈ ಮಹತ್ವದ ಪ್ರಯತ್ನವು ಅಧ್ಯಕ್ಷ ಸ. ಪ್ರಿತ್‌ಪಾಲ್ ಸಿಂಗ್ ಭಾಟಿಯಾ ಜೀ ಹಾಗೂ ಉಪಾಧ್ಯಕ್ಷ ಸ. ಜೋಗಿಂದರ್ ಸಿಂಗ್ ಜೀ ಅವರ ನಾಯಕತ್ವ ಮತ್ತು ಮಾರ್ಗದರ್ಶನದಲ್ಲಿ ಮುಂದುವರಿದಿದೆ.
ಕೈಗಾರಿಕಾ ಪ್ರದೇಶಗಳ ಸಮಸ್ಯೆ ಪರಿಹಾರಕ್ಕೆ ಟಾಸ್ಕ್ ಫೋರ್ಸ್ ರಚನೆ: ಜಿಲ್ಲಾಧಿಕಾರಿ
ಬೆಂಗಳೂರು ನಗರ ಜಿಲ್ಲೆಯಲ್ಲಿರುವ ಕೈಗಾರಿಕಾ ಪ್ರದೇಶಗಳ ವಿವಿಧ ಸಮಸ್ಯೆಗಳ ಪರಿಹರಿಸುವ ಸಂಬಂಧ ವಿವಿಧ ಇಲಾಖೆಗಳನ್ನೊಳಗೊಂಡ ಟಾಸ್ಕ್‌ಫೋರ್ಸ್ ಸಮಿತಿಯನ್ನು ಶೀಘ್ರವಾಗಿ ರಚಿಸಲಾಗುವುದು ಎಂದು ಬೆಂಗಳೂರು ನಗರ ಜಿಲ್ಲಾಧಿಕಾರಿ ಕಾಂತರಾಜು ಜಿ.ಎಸ್. ಅವರು ತಿಳಿಸಿದರು. ಕರ್ನಾಟಕ ವಾಣಿಜ್ಯ ಮತ್ತು ಕೈಗಾರಿಕಾ ಮಹಾಸಂಸ್ಥೆ (ಎಫ್‌ಕೆಸಿಸಿಐ) ವತಿಯಿಂದ ಆಯೋಜಿಸಲಾಗಿದ್ದ ಸಂವಾದ ಸಭೆಯಲ್ಲಿ ಬೆಂಗಳೂರು ನಗರದ ಕೈಗಾರಿಕಾ ಪ್ರದೇಶಗಳಲ್ಲಿನ ವಿವಿಧ ಸಮಸ್ಯೆಗಳ ಕುರಿತು ಉದ್ಯಮಿಗಳ ಪ್ರತಿನಿಧಿಗಳೊಂದಿಗೆ ಚರ್ಚಿಸಿದ ಅವರು, ಕೈಗಾರಿಕಾ ವಲಯಕ್ಕೆ ಅಗತ್ಯವಿರುವ ಮೂಲಸೌಕರ್ಯ ಹಾಗೂ ಸಮಸ್ಯೆಗಳಿಗೆ ಶಾಶ್ವತ ಪರಿಹಾರವನ್ನು ಕಲ್ಪಿಸಲು ಸಂಬಂಧಿತ ಇಲಾಖೆಗಳ ಸಮನ್ವಯ ಅಗತ್ಯವಾಗಿದೆ ಎಂದರು. ಕೈಗಾರಿಕಾ ಪ್ರದೇಶಗಳಲ್ಲಿನ ರಸ್ತೆ ಹಾಗೂ ಬೀದಿದೀಪಗಳ ಕಾಮಗಾರಿಗಳನ್ನು ಕೈಗೊಳ್ಳುವ ಬಗ್ಗೆ ಹಾಗೂ ಬಿಬಿಎಂಪಿ, ಬಿಡಬ್ಲ್ಯೂಎಸ್‌ಎಸ್‌ಬಿ ಮತ್ತು ಕೆಐಎಡಿಬಿ ವತಿಯಿಂದ ರಸ್ತೆ ಅಗೆದು ಕಾಮಗಾರಿ ನಡೆಸುವ ಸಂದರ್ಭದಲ್ಲಿ ಕೈಗಾರಿಕಾ ಸಂಸ್ಥೆಗಳ ಗಮನಕ್ಕೆ ತರಬೇಕು, ಸಂಚಾರ ಅಡಚಣೆಗೆ ಪರ್ಯಾಯ ವ್ಯವಸ್ಥೆ ಕಲ್ಪಿಸಬೇಕು ಎಂದು ಎಫ್‌ಕೆಸಿಸಿಐ ನ ಸದಸ್ಯರು ಮನವಿ ಮಾಡಿದರು.
FKCCI
FEDERATION OF KARNATAKA CHAMBERS OF COMMERCE & INDUSTRY
ಜಿಲ್ಲಾಧಿಕಾರಿಗಳ ಗಮನಕ್ಕೆ ತಂದರು. ಸಣ್ಣ ಕೈಗಾರಿಕೆಗಳಿಗೆ ಸಮರ್ಪಕ ನೀರು ಪೂರೈಕೆಯಾಗದಿರುವುದು, ಮಳೆ ನೀರು ಕೈಗಾರಿಕಾ ಪ್ರದೇಶಗಳಿಗೆ ನುಗ್ಗುತ್ತಿರುವುದು, ಚರಂಡಿ ಮಾರ್ಗಗಳ ಸಮರ್ಪಕ ನಿರ್ವಹಣೆ ಇಲ್ಲದಿರುವುದು, ಘನತ್ಯಾಜ್ಯ ನಿರ್ವಹಣೆ ಸೇರಿದಂತೆ ವಿವಿಧ ಮೂಲಸೌಕರ್ಯ ಸಮಸ್ಯೆಗಳ ಕುರಿತು ಸಭೆಯಲ್ಲಿ ಚರ್ಚಿಸಲಾಯಿತು. ಈ ಎಲ್ಲ ಸಮಸ್ಯೆಗಳ ಕುರಿತು ಬಿಬಿಎಂಪಿ, ಬಿಡಬ್ಲ್ಯೂಎಸ್‌ಎಸ್‌ಬಿ, ಕೆಐಎಡಿಬಿ ಸೇರಿದಂತೆ ಸಂಬಂಧಿತ ಎಲ್ಲ ಇಲಾಖೆಗಳ ಅಧಿಕಾರಿಗಳೊಂದಿಗೆ ಶೀಘ್ರ ಸಭೆ ಕರೆದು ಚರ್ಚೆ ನಡೆಸಲಾಗುವುದು. ಟಾಸ್ಕ್‌ಫೋರ್ಸ್ ಸಮಿತಿಯನ್ನು ರಚಿಸುವ ಬಗ್ಗೆ ತೀರ್ಮಾನ ಕೈಗೊಳ್ಳಲಾಗುವುದು. ಸಭೆಯಲ್ಲಿ ಸಮಸ್ಯೆಗಳಿಗೆ ಪ್ರಮುಖ ಆದ್ಯತೆ ನೀಡಿ ಸೂಕ್ತ ಕ್ರಮ ಕೈಗೊಳ್ಳುವ ಮೂಲಕ ಕೈಗಾರಿಕಾ ಪ್ರದೇಶಗಳಲ್ಲಿನ ಮೂಲಸೌಕರ್ಯವನ್ನು ಉತ್ತಮಪಡಿಸಲಾಗುವುದು. ಎಂದು ಜಿಲ್ಲಾಧಿಕಾರಿ ತಿಳಿಸಿದರು. ಸಭೆಯಲ್ಲಿ ಕೈಗಾರಿಕಾ ಪ್ರದೇಶಗಳ ಸಮಸ್ಯೆಗಳ ಕುರಿತು ಚರ್ಚಿಸಿದ ಪದಾಧಿಕಾರಿಗಳು ಸರ್ಕಾರದ ಗಮನಕ್ಕೆ ತರಲಾಗುವುದು ಎಂದು ಜಿಲ್ಲಾಧಿಕಾರಿಗಳು ತಿಳಿಸಿದರು. ಸಭೆಯಲ್ಲಿ ಎಫ್‌ಕೆಸಿಸಿಐ ಅಧ್ಯಕ್ಷ ಉಮಾ ರೆಡ್ಡಿ, ಹಿರಿಯ ಉಪಾಧ್ಯಕ್ಷರಾದ ಟಿ. ಸಾಯಿರಾಂ ಪ್ರಸಾದ್, ಮಾಜಿ ಅಧ್ಯಕ್ಷ ಎಂ.ಜಿ. ಬಾಲಕೃಷ್ಣ, ಮೂಲಸೌಕರ್ಯ ಸಮಿತಿಯ ಅಧ್ಯಕ್ಷ ಕೆ.ಎಂ. ರಾಜೇಂದ್ರ ಕುಮಾರ್ ಸೇರಿದಂತೆ ಸಂಸ್ಥೆಯ ಪದಾಧಿಕಾರಿಗಳು ಹಾಗೂ ಕೈಗಾರಿಕಾ ಕ್ಷೇತ್ರದ ಪ್ರತಿನಿಧಿಗಳು ಉಪಸ್ಥಿತರಿದ್ದರು.
ರಾಮನಗರದಲ್ಲಿ ಖೋಟಾನೋಟು ಜಾಲ ಪತ್ತೆ: 5 ಲಕ್ಷ ಮೌಲ್ಯದ ನಕಲಿ ನೋಟು ವಶಕ್ಕೆ
ನಕಲು ನೋಟು ತಯಾರಿಕೆ ಜಾಲವನ್ನು ಬೇಧಿಸಿರುವ ಬಿಡದಿ ಠಾಣೆ ಪೊಲೀಸರು 7 ಮಂದಿಯನ್ನು ಬಂಧಿಸಿ, 500ರೂ ಮುಖ ಬೆಲೆಯ 5 ಲಕ್ಷ ಮೌಲ್ಯದ ನಕಲಿ ನೋಟುಗಳನ್ನು ವಶಪಡಿಸಿಕೊಂಡಿದ್ದಾರೆ. ನಗರದ ಹಾರೋಹಳ್ಳಿ ಬಳಿ ಡಿಸೆಂಬರ್ ಬಡಾವಣೆಯ ಸಕ್ಕರ ಚೆಳಗೀಹಳ್ಳಿಯ ರವಿ ಮನೆಯಲ್ಲಿ ಜಾಲ ಪತ್ತೆಯಾಗಿದೆ. ಖಚಿತ ಮಾಹಿತಿ ಮೇರೆಗೆ ಪೊಲೀಸರು ದಾಳಿ ನಡೆಸಿದ್ದು, ಆರೋಪಿಗಳು ಹೊಸ ಬಡಾವಣೆಯೊಂದರಲ್ಲಿ ಬಾಡಿಗೆ ಮನೆಯ ಮೇಲೆ ನೋಟುಗಳ ತಯಾರಿಕೆ ನಡೆಸುತ್ತಿದ್ದರು. ಆರೋಪಿಗಳು ಸರಬರಾಜಿಗಾಗಿ ಖೋಟಾ ನೋಟು ಜಾಲ ಬಳಸಲಾಗಿದೆ ಎಂದು ಪೊಲೀಸರು ತಿಳಿಸಿದರು. ಮಾಲೀಕ ಸಂತೋಷ್, ಸಂಪತ್, ಗೋವಿಂದ
ರಾಜ್, ರೇಣುಕಾ ರಾಜ್, ಶಿವರಾಜ್ ಮತ್ತು ಸತೀಶ್ ಎಂಬುವವರನ್ನು ಬಂಧಿಸಲಾಗಿದೆ. ನಕಲಿ ನೋಟು ತಯಾರಿಸಲು ಬಳಸುತ್ತಿದ್ದ ಉಪಕರಣಗಳನ್ನು ವಶಕ್ಕೆ ಪಡೆದಿದ್ದಾರೆ. ಹೊರ ರಾಜ್ಯದ ಸಂಪರ್ಕ ಎಂಬುವವರು ಜಾಲದ
ಸೂತ್ರಧಾರನಾಗಿದ್ದಾನೆ ಎಂದು ಪೊಲೀಸ್ ಮೂಲಗಳು ತಿಳಿಸಿವೆ. ಮನೆ ಮಾಲೀಕ ಸಂತೋಷ್ ಕುಮಾರ್ ಆಸಿಫ್ ತನ್ನ ಮನೆಯನ್ನು ದಂಧೆಗೆ ನೀಡಿದ್ದನು ಎಂಬುದು ತಿಳಿದುಬಂದಿದೆ. ಯೂಟ್ಯೂಬ್ ನೋಡಿ ನೋಟು ತಯಾರಿಕೆ ವಿಧಾನ ಕಲಿತಿದ್ದರು ಎಂದು ತಿಳಿಸಲಾಗಿದೆ.
ಮೇರೆಗೆ ಬಿಡದಿ ಠಾಣೆ ಪೊಲೀಸರು ದಾಳಿ ನಡೆಸಿದಾಗ ಖೋಟಾ ನೋಟು ದಂಧೆ ಬೆಳಕಿಗೆ ಬಂದಿದೆ. ಆ ಪೇಪರ್ ಬಂಡಲ್‌ಗಳ ಕೆಮಿಕಲ್ ಬೆರೆಸಿ ನೋಟುಗಳನ್ನು ತಯಾರಿಸುತ್ತಿದ್ದರು. ಒಟ್ಟು 5 ಲಕ್ಷ ಮೌಲ್ಯದ ನಕಲಿ ನೋಟುಗಳ ಜಪ್ತಿ ಮಾಡಲಾಗಿದೆ. ಇಲ್ಲಿ ತಯಾರಾದ ನೋಟುಗಳನ್ನು ಜನರ ಮಧ್ಯೆ ಚಲಾವಣೆ ಮಾಡಿ, ಅಲ್ಲಿ ಪೂರ್ಣ ಪ್ರಮಾಣದ ನಕಲಿ ನೋಟ್ ತಯಾರಿಸಲಾಗುತ್ತಿತ್ತು. ಜಾಲದ ಹಿಂದೆ ಮತ್ತಷ್ಟು ಜನ ಭಾಗಿಯಾಗಿರುವ ಸಾಧ್ಯತೆ ಇದ್ದು, ತನಿಖೆ ನಡೆಸಲಾಗುತ್ತಿದೆ ಎಂದು ನಿವೃತ್ತ ಪೊಲೀಸ್ ವರಿಷ್ಠಾಧಿಕಾರಿ ರೋಷನ್ ಜಗದೀಶ್ ತಿಳಿಸಿದ್ದಾರೆ.
